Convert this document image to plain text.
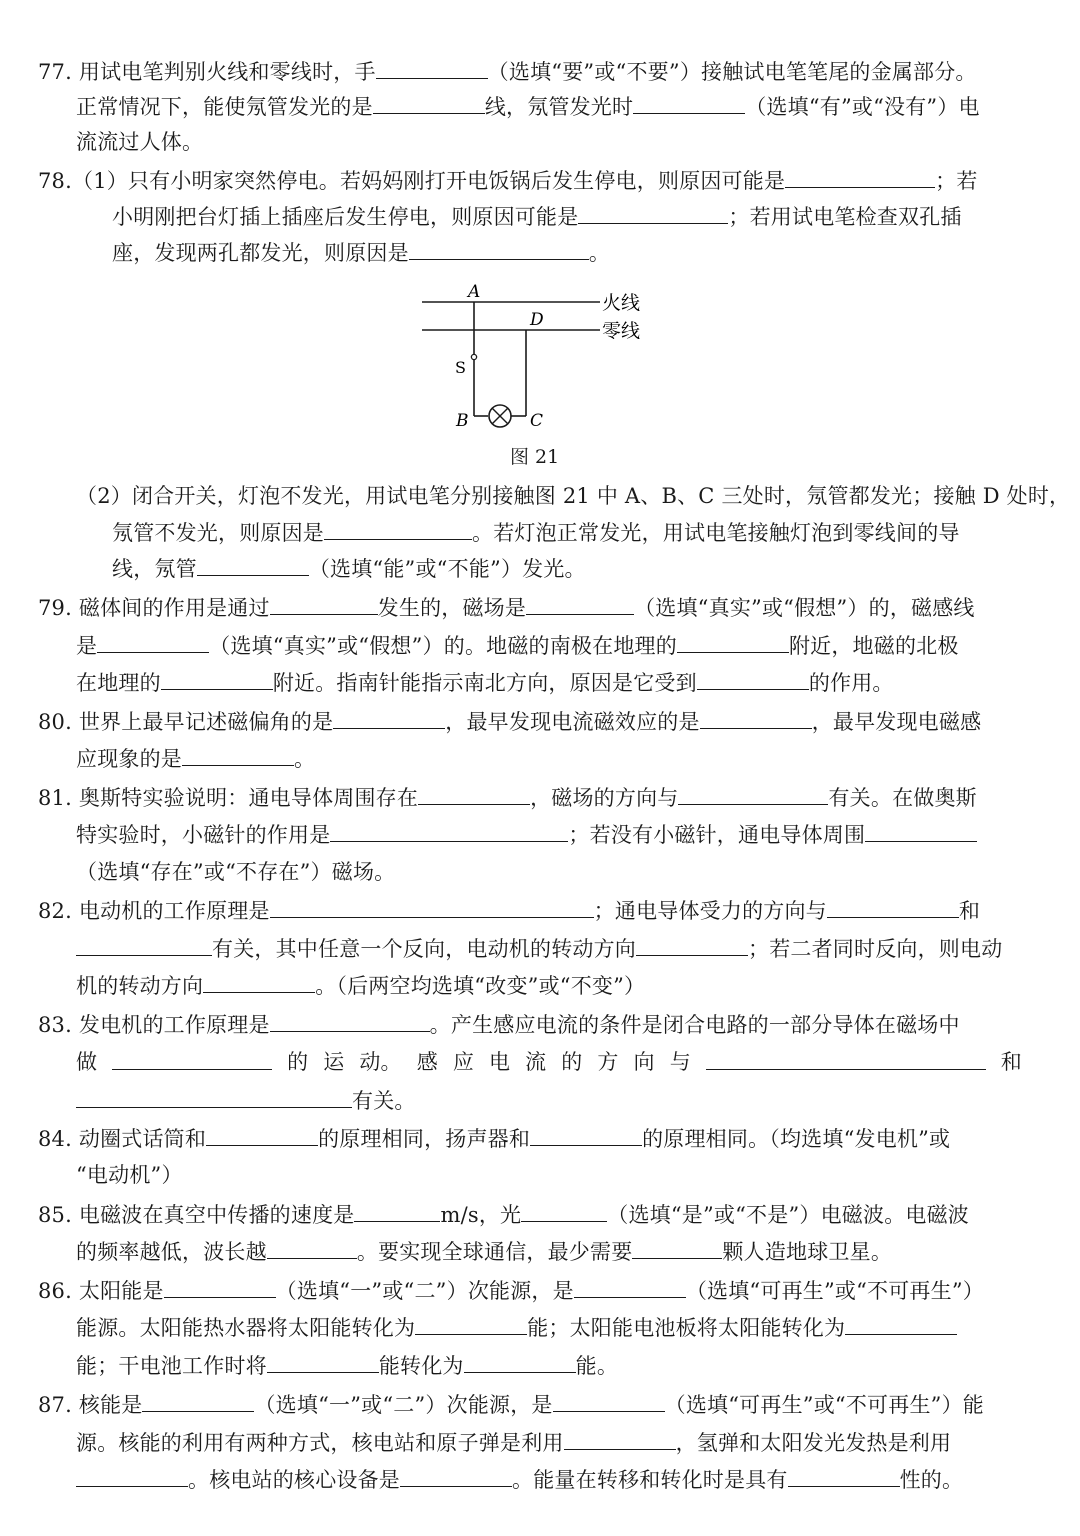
77. 用试电笔判别火线和零线时，手	（选填“要”或“不要”）接触试电笔笔尾的金属部分。
正常情况下，能使氖管发光的是	线，氖管发光时	（选填“有”或“没有”）电
流流过人体。
78.（1）只有小明家突然停电。若妈妈刚打开电饭锅后发生停电，则原因可能是	；若
小明刚把台灯插上插座后发生停电，则原因可能是	；若用试电笔检查双孔插
座，发现两孔都发光，则原因是	。
A
D
S
B	C
火线
零线
图 21
（2）闭合开关，灯泡不发光，用试电笔分别接触图 21 中 A、B、C 三处时，氖管都发光；接触 D 处时，
氖管不发光，则原因是	。若灯泡正常发光，用试电笔接触灯泡到零线间的导
线，氖管	（选填“能”或“不能”）发光。
79. 磁体间的作用是通过	发生的，磁场是	（选填“真实”或“假想”）的，磁感线
是	（选填“真实”或“假想”）的。地磁的南极在地理的	附近，地磁的北极
在地理的	附近。指南针能指示南北方向，原因是它受到	的作用。
80. 世界上最早记述磁偏角的是	，最早发现电流磁效应的是	，最早发现电磁感
应现象的是	。
81. 奥斯特实验说明：通电导体周围存在	，磁场的方向与	有关。在做奥斯
特实验时，小磁针的作用是	；若没有小磁针，通电导体周围
（选填“存在”或“不存在”）磁场。
82. 电动机的工作原理是	；通电导体受力的方向与	和
有关，其中任意一个反向，电动机的转动方向	；若二者同时反向，则电动
机的转动方向	。（后两空均选填“改变”或“不变”）
83. 发电机的工作原理是	。产生感应电流的条件是闭合电路的一部分导体在磁场中
做	的 运 动。 感 应 电 流 的 方 向 与	和
有关。
84. 动圈式话筒和	的原理相同，扬声器和	的原理相同。（均选填“发电机”或
“电动机”）
85. 电磁波在真空中传播的速度是	m/s，光	（选填“是”或“不是”）电磁波。电磁波
的频率越低，波长越	。要实现全球通信，最少需要	颗人造地球卫星。
86. 太阳能是	（选填“一”或“二”）次能源，是	（选填“可再生”或“不可再生”）
能源。太阳能热水器将太阳能转化为	能；太阳能电池板将太阳能转化为
能；干电池工作时将	能转化为	能。
87. 核能是	（选填“一”或“二”）次能源，是	（选填“可再生”或“不可再生”）能
源。核能的利用有两种方式，核电站和原子弹是利用	，氢弹和太阳发光发热是利用
。核电站的核心设备是	。能量在转移和转化时是具有	性的。
